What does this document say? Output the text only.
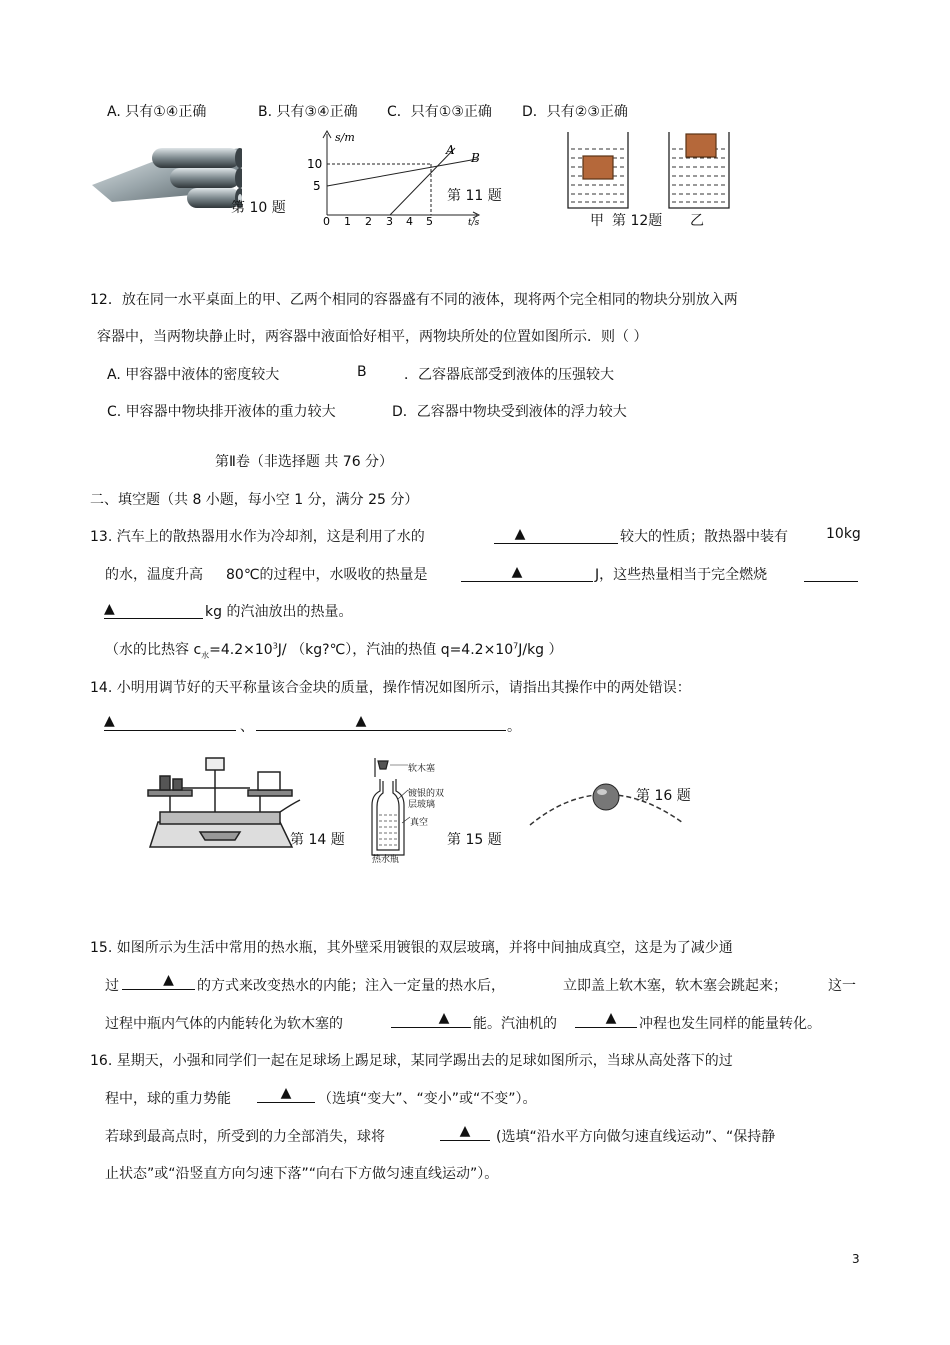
A. 只有①④正确	B. 只有③④正确 C．只有①③正确 D．只有②③正确
第 10 题
s/m
10
5
0 1 2 3 4 5	t/s
A
B
第 11 题
甲 第 12题 乙
12．放在同一水平桌面上的甲、乙两个相同的容器盛有不同的液体，现将两个完全相同的物块分别放入两
容器中，当两物块静止时，两容器中液面恰好相平，两物块所处的位置如图所示．则（ ）
A. 甲容器中液体的密度较大	B	．乙容器底部受到液体的压强较大
C. 甲容器中物块排开液体的重力较大	D．乙容器中物块受到液体的浮力较大
第Ⅱ卷（非选择题 共 76 分）
二、填空题（共 8 小题，每小空 1 分，满分 25 分）
13. 汽车上的散热器用水作为冷却剂，这是利用了水的	▲	较大的性质；散热器中装有	10kg
的水，温度升高 80℃的过程中，水吸收的热量是	▲	J，这些热量相当于完全燃烧
▲	kg 的汽油放出的热量。
（水的比热容 $c_水=4.2\times 10^3J/$ （kg?℃），汽油的热值 $q=4.2\times 10^7J/kg$ ）
14. 小明用调节好的天平称量该合金块的质量，操作情况如图所示，请指出其操作中的两处错误：
▲	、	▲	。
第 14 题
软木塞
镀银的双
层玻璃
真空
热水瓶
第 15 题
第 16 题
15. 如图所示为生活中常用的热水瓶，其外壁采用镀银的双层玻璃，并将中间抽成真空，这是为了减少通
过	▲	的方式来改变热水的内能；注入一定量的热水后，	立即盖上软木塞，软木塞会跳起来；	这一
过程中瓶内气体的内能转化为软木塞的	▲	能。汽油机的	▲	冲程也发生同样的能量转化。
16. 星期天，小强和同学们一起在足球场上踢足球，某同学踢出去的足球如图所示，当球从高处落下的过
程中，球的重力势能	▲	（选填“变大”、“变小”或“不变”）。
若球到最高点时，所受到的力全部消失，球将	▲	(选填“沿水平方向做匀速直线运动”、“保持静
止状态”或“沿竖直方向匀速下落”“向右下方做匀速直线运动”）。
3
